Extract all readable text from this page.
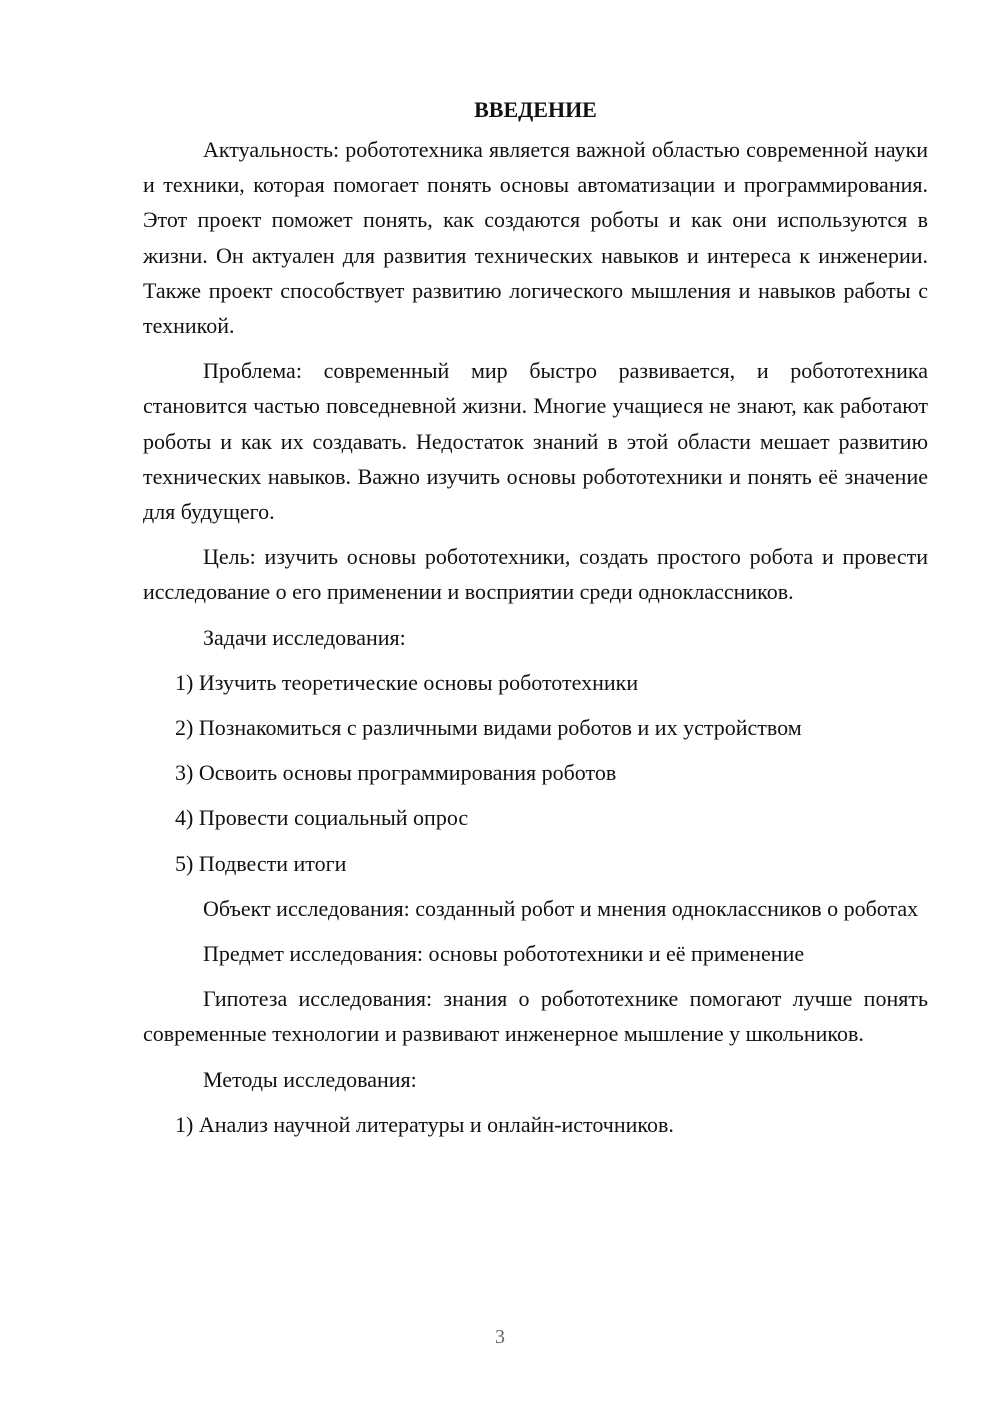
ВВЕДЕНИЕ

Актуальность: робототехника является важной областью современной науки и техники, которая помогает понять основы автоматизации и программирования. Этот проект поможет понять, как создаются роботы и как они используются в жизни. Он актуален для развития технических навыков и интереса к инженерии. Также проект способствует развитию логического мышления и навыков работы с техникой.

Проблема: современный мир быстро развивается, и робототехника становится частью повседневной жизни. Многие учащиеся не знают, как работают роботы и как их создавать. Недостаток знаний в этой области мешает развитию технических навыков. Важно изучить основы робототехники и понять её значение для будущего.

Цель: изучить основы робототехники, создать простого робота и провести исследование о его применении и восприятии среди одноклассников.

Задачи исследования:

1) Изучить теоретические основы робототехники
2) Познакомиться с различными видами роботов и их устройством
3) Освоить основы программирования роботов
4) Провести социальный опрос
5) Подвести итоги

Объект исследования: созданный робот и мнения одноклассников о роботах

Предмет исследования: основы робототехники и её применение

Гипотеза исследования: знания о робототехнике помогают лучше понять современные технологии и развивают инженерное мышление у школьников.

Методы исследования:

1) Анализ научной литературы и онлайн-источников.
3
